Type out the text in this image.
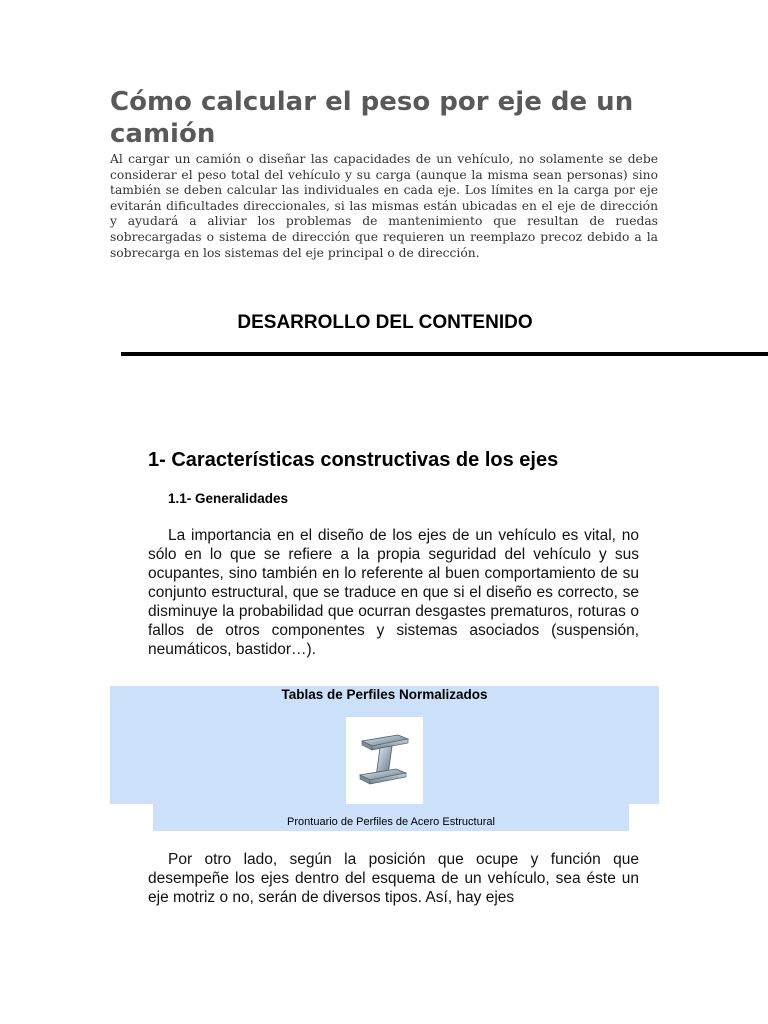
Cómo calcular el peso por eje de un camión

Al cargar un camión o diseñar las capacidades de un vehículo, no solamente se debe considerar el peso total del vehículo y su carga (aunque la misma sean personas) sino también se deben calcular las individuales en cada eje. Los límites en la carga por eje evitarán dificultades direccionales, si las mismas están ubicadas en el eje de dirección y ayudará a aliviar los problemas de mantenimiento que resultan de ruedas sobrecargadas o sistema de dirección que requieren un reemplazo precoz debido a la sobrecarga en los sistemas del eje principal o de dirección.

DESARROLLO DEL CONTENIDO
1- Características constructivas de los ejes
1.1- Generalidades

La importancia en el diseño de los ejes de un vehículo es vital, no sólo en lo que se refiere a la propia seguridad del vehículo y sus ocupantes, sino también en lo referente al buen comportamiento de su conjunto estructural, que se traduce en que si el diseño es correcto, se disminuye la probabilidad que ocurran desgastes prematuros, roturas o fallos de otros componentes y sistemas asociados (suspensión, neumáticos, bastidor…).

Tablas de Perfiles Normalizados
Prontuario de Perfiles de Acero Estructural

Por otro lado, según la posición que ocupe y función que desempeñe los ejes dentro del esquema de un vehículo, sea éste un eje motriz o no, serán de diversos tipos. Así, hay ejes
